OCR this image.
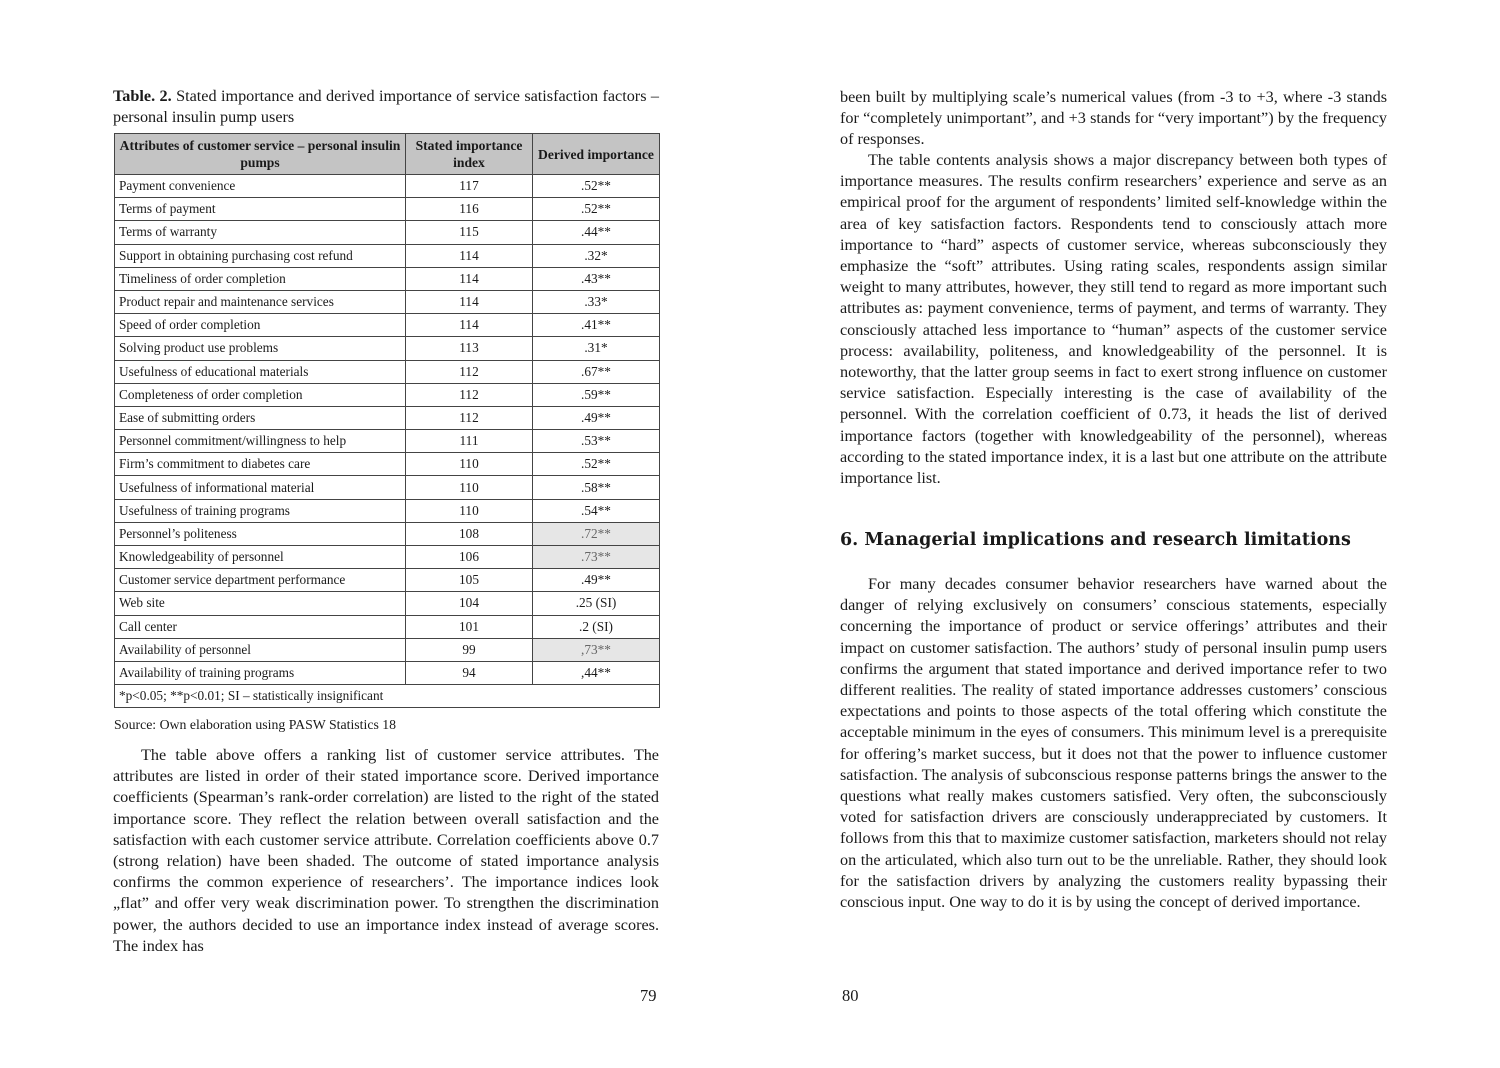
Table. 2. Stated importance and derived importance of service satisfaction factors – personal insulin pump users
Attributes of customer service – personal insulin pumps	Stated importance index	Derived importance
Payment convenience	117	.52**
Terms of payment	116	.52**
Terms of warranty	115	.44**
Support in obtaining purchasing cost refund	114	.32*
Timeliness of order completion	114	.43**
Product repair and maintenance services	114	.33*
Speed of order completion	114	.41**
Solving product use problems	113	.31*
Usefulness of educational materials	112	.67**
Completeness of order completion	112	.59**
Ease of submitting orders	112	.49**
Personnel commitment/willingness to help	111	.53**
Firm’s commitment to diabetes care	110	.52**
Usefulness of informational material	110	.58**
Usefulness of training programs	110	.54**
Personnel’s politeness	108	.72**
Knowledgeability of personnel	106	.73**
Customer service department performance	105	.49**
Web site	104	.25 (SI)
Call center	101	.2 (SI)
Availability of personnel	99	,73**
Availability of training programs	94	,44**
*p<0.05; **p<0.01; SI – statistically insignificant		
Source: Own elaboration using PASW Statistics 18

The table above offers a ranking list of customer service attributes. The attributes are listed in order of their stated importance score. Derived importance coefficients (Spearman’s rank-order correlation) are listed to the right of the stated importance score. They reflect the relation between overall satisfaction and the satisfaction with each customer service attribute. Correlation coefficients above 0.7 (strong relation) have been shaded. The outcome of stated importance analysis confirms the common experience of researchers’. The importance indices look „flat” and offer very weak discrimination power. To strengthen the discrimination power, the authors decided to use an importance index instead of average scores. The index has

79

been built by multiplying scale’s numerical values (from -3 to +3, where -3 stands for “completely unimportant”, and +3 stands for “very important”) by the frequency of responses.

The table contents analysis shows a major discrepancy between both types of importance measures. The results confirm researchers’ experience and serve as an empirical proof for the argument of respondents’ limited self-knowledge within the area of key satisfaction factors. Respondents tend to consciously attach more importance to “hard” aspects of customer service, whereas subconsciously they emphasize the “soft” attributes. Using rating scales, respondents assign similar weight to many attributes, however, they still tend to regard as more important such attributes as: payment convenience, terms of payment, and terms of warranty. They consciously attached less importance to “human” aspects of the customer service process: availability, politeness, and knowledgeability of the personnel. It is noteworthy, that the latter group seems in fact to exert strong influence on customer service satisfaction. Especially interesting is the case of availability of the personnel. With the correlation coefficient of 0.73, it heads the list of derived importance factors (together with knowledgeability of the personnel), whereas according to the stated importance index, it is a last but one attribute on the attribute importance list.

6. Managerial implications and research limitations

For many decades consumer behavior researchers have warned about the danger of relying exclusively on consumers’ conscious statements, especially concerning the importance of product or service offerings’ attributes and their impact on customer satisfaction. The authors’ study of personal insulin pump users confirms the argument that stated importance and derived importance refer to two different realities. The reality of stated importance addresses customers’ conscious expectations and points to those aspects of the total offering which constitute the acceptable minimum in the eyes of consumers. This minimum level is a prerequisite for offering’s market success, but it does not that the power to influence customer satisfaction. The analysis of subconscious response patterns brings the answer to the questions what really makes customers satisfied. Very often, the subconsciously voted for satisfaction drivers are consciously underappreciated by customers. It follows from this that to maximize customer satisfaction, marketers should not relay on the articulated, which also turn out to be the unreliable. Rather, they should look for the satisfaction drivers by analyzing the customers reality bypassing their conscious input. One way to do it is by using the concept of derived importance.

80
